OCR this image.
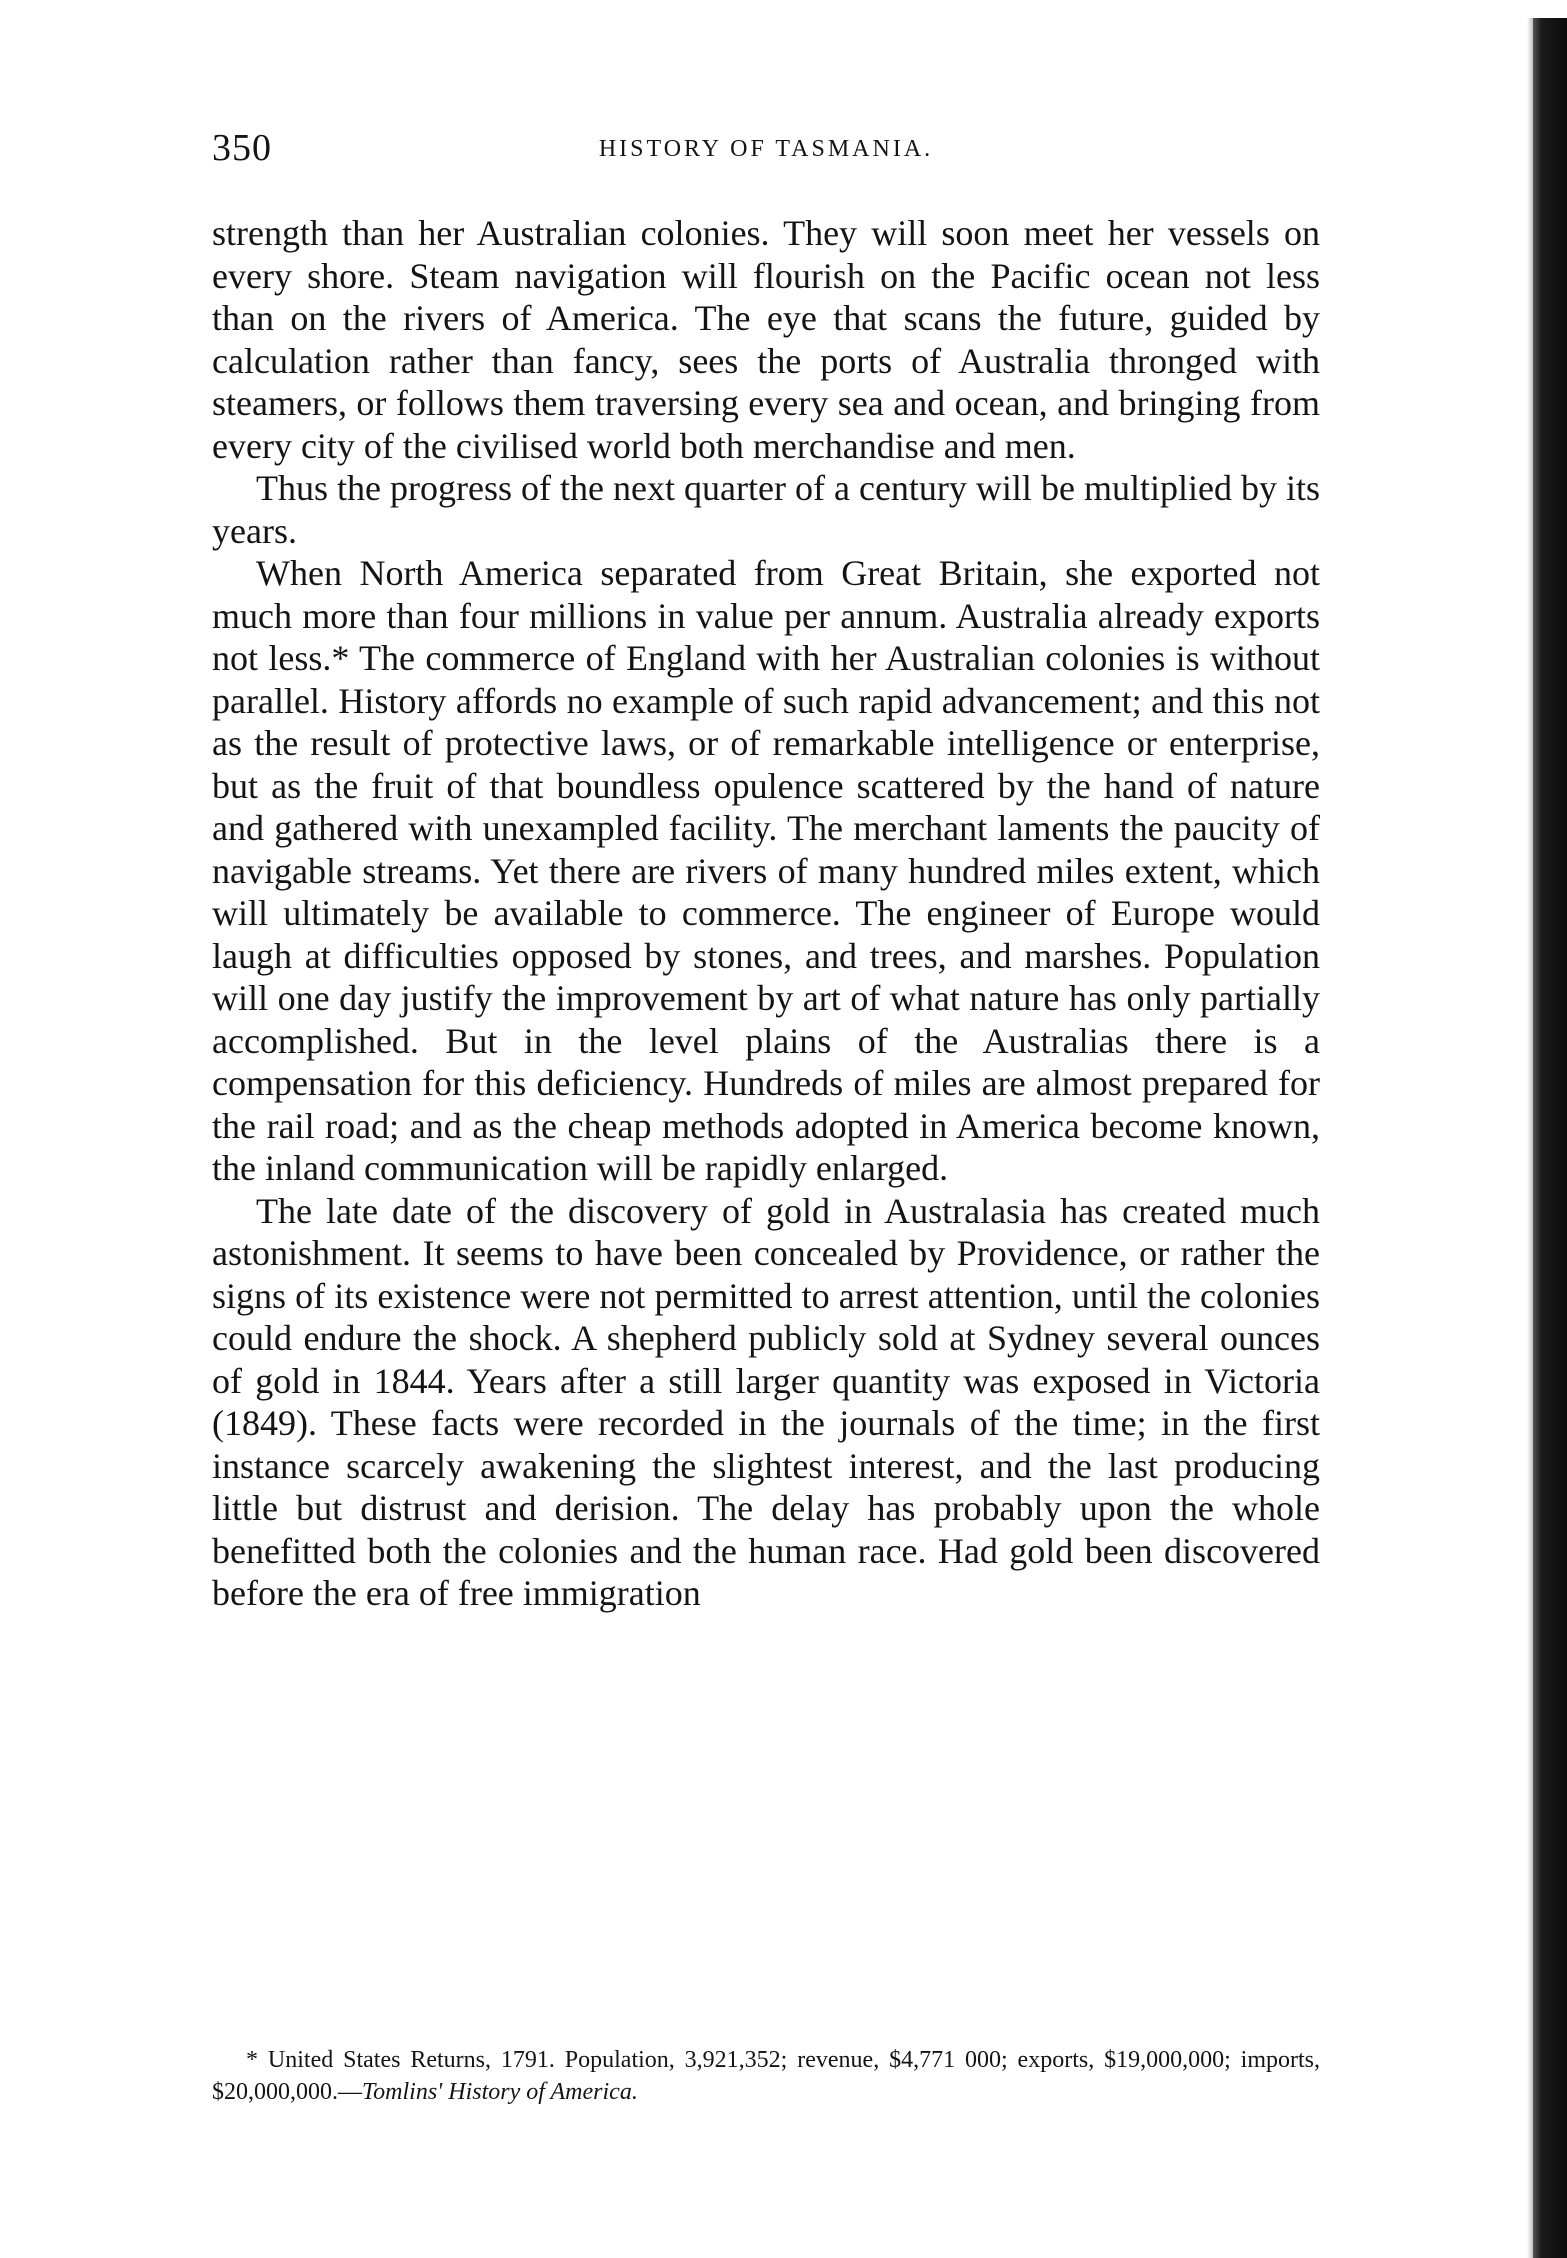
350	HISTORY OF TASMANIA.

strength than her Australian colonies. They will soon meet her vessels on every shore. Steam navigation will flourish on the Pacific ocean not less than on the rivers of America. The eye that scans the future, guided by calculation rather than fancy, sees the ports of Australia thronged with steamers, or follows them traversing every sea and ocean, and bringing from every city of the civilised world both merchandise and men.

Thus the progress of the next quarter of a century will be multiplied by its years.

When North America separated from Great Britain, she exported not much more than four millions in value per annum. Australia already exports not less.* The commerce of England with her Australian colonies is without parallel. History affords no example of such rapid advancement; and this not as the result of protective laws, or of remarkable intelligence or enterprise, but as the fruit of that boundless opulence scattered by the hand of nature and gathered with unexampled facility. The merchant laments the paucity of navigable streams. Yet there are rivers of many hundred miles extent, which will ultimately be available to commerce. The engineer of Europe would laugh at difficulties opposed by stones, and trees, and marshes. Population will one day justify the improvement by art of what nature has only partially accomplished. But in the level plains of the Australias there is a compensation for this deficiency. Hundreds of miles are almost prepared for the rail road; and as the cheap methods adopted in America become known, the inland communication will be rapidly enlarged.

The late date of the discovery of gold in Australasia has created much astonishment. It seems to have been concealed by Providence, or rather the signs of its existence were not permitted to arrest attention, until the colonies could endure the shock. A shepherd publicly sold at Sydney several ounces of gold in 1844. Years after a still larger quantity was exposed in Victoria (1849). These facts were recorded in the journals of the time; in the first instance scarcely awakening the slightest interest, and the last producing little but distrust and derision. The delay has probably upon the whole benefitted both the colonies and the human race. Had gold been discovered before the era of free immigration

* United States Returns, 1791. Population, 3,921,352; revenue, $4,771 000; exports, $19,000,000; imports, $20,000,000.—Tomlins' History of America.
